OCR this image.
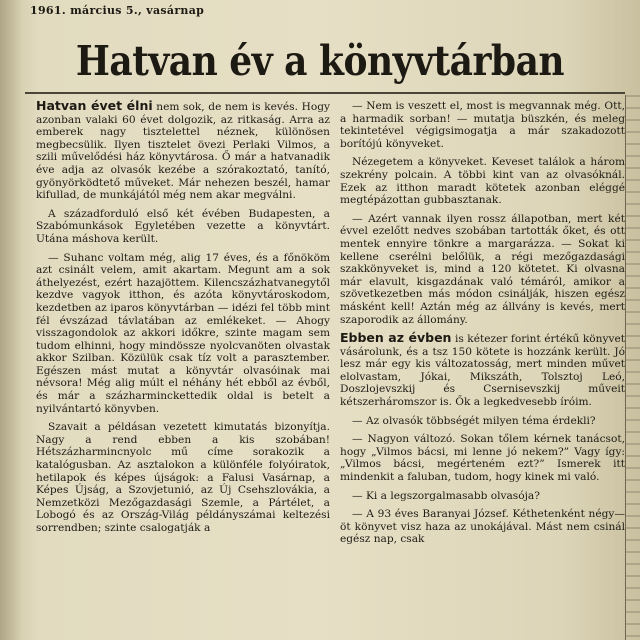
1961. március 5., vasárnap
Hatvan év a könyvtárban

Hatvan évet élni nem sok, de nem is kevés. Hogy azonban valaki 60 évet dolgozik, az ritkaság. Arra az emberek nagy tisztelettel néznek, különösen megbecsülik. Ilyen tisztelet övezi Perlaki Vilmos, a szili művelődési ház könyvtárosa. Ő már a hatvanadik éve adja az olvasók kezébe a szórakoztató, tanító, gyönyörködtető műveket. Már nehezen beszél, hamar kifullad, de munkájától még nem akar megválni.

A századforduló első két évében Budapesten, a Szabómunkások Egyletében vezette a könyvtárt. Utána máshova került.

— Suhanc voltam még, alig 17 éves, és a főnököm azt csinált velem, amit akartam. Megunt am a sok áthelyezést, ezért hazajöttem. Kilencszázhatvanegytől kezdve vagyok itthon, és azóta könyvtároskodom, kezdetben az iparos könyvtárban — idézi fel több mint fél évszázad távlatában az emlékeket. — Ahogy visszagondolok az akkori időkre, szinte magam sem tudom elhinni, hogy mindössze nyolcvanöten olvastak akkor Szilban. Közülük csak tíz volt a parasztember. Egészen mást mutat a könyvtár olvasóinak mai névsora! Még alig múlt el néhány hét ebből az évből, és már a százharminckettedik oldal is betelt a nyilvántartó könyvben.

Szavait a példásan vezetett kimutatás bizonyítja. Nagy a rend ebben a kis szobában! Hétszázharmincnyolc mű címe sorakozik a katalógusban. Az asztalokon a különféle folyóiratok, hetilapok és képes újságok: a Falusi Vasárnap, a Képes Újság, a Szovjetunió, az Új Csehszlovákia, a Nemzetközi Mezőgazdasági Szemle, a Pártélet, a Lobogó és az Ország-Világ példányszámai keltezési sorrendben; szinte csalogatják a

— Nem is veszett el, most is megvannak még. Ott, a harmadik sorban! — mutatja büszkén, és meleg tekintetével végigsimogatja a már szakadozott borítójú könyveket.

Nézegetem a könyveket. Keveset találok a három szekrény polcain. A többi kint van az olvasóknál. Ezek az itthon maradt kötetek azonban eléggé megtépázottan gubbasztanak.

— Azért vannak ilyen rossz állapotban, mert két évvel ezelőtt nedves szobában tartották őket, és ott mentek ennyire tönkre a margarázza. — Sokat ki kellene cserélni belőlük, a régi mezőgazdasági szakkönyveket is, mind a 120 kötetet. Ki olvasna már elavult, kisgazdának való témáról, amikor a szövetkezetben más módon csinálják, hiszen egész másként kell! Aztán még az állvány is kevés, mert szaporodik az állomány.

Ebben az évben is kétezer forint értékű könyvet vásárolunk, és a tsz 150 kötete is hozzánk került. Jó lesz már egy kis változatosság, mert minden művet elolvastam, Jókai, Mikszáth, Tolsztoj Leó, Doszlojevszkij és Csernisevszkij műveit kétszerháromszor is. Ők a legkedvesebb íróim.

— Az olvasók többségét milyen téma érdekli?

— Nagyon változó. Sokan tőlem kérnek tanácsot, hogy „Vilmos bácsi, mi lenne jó nekem?” Vagy így: „Vilmos bácsi, megérteném ezt?” Ismerek itt mindenkit a faluban, tudom, hogy kinek mi való.

— Ki a legszorgalmasabb olvasója?

— A 93 éves Baranyai József. Kéthetenként négy—öt könyvet visz haza az unokájával. Mást nem csinál egész nap, csak
